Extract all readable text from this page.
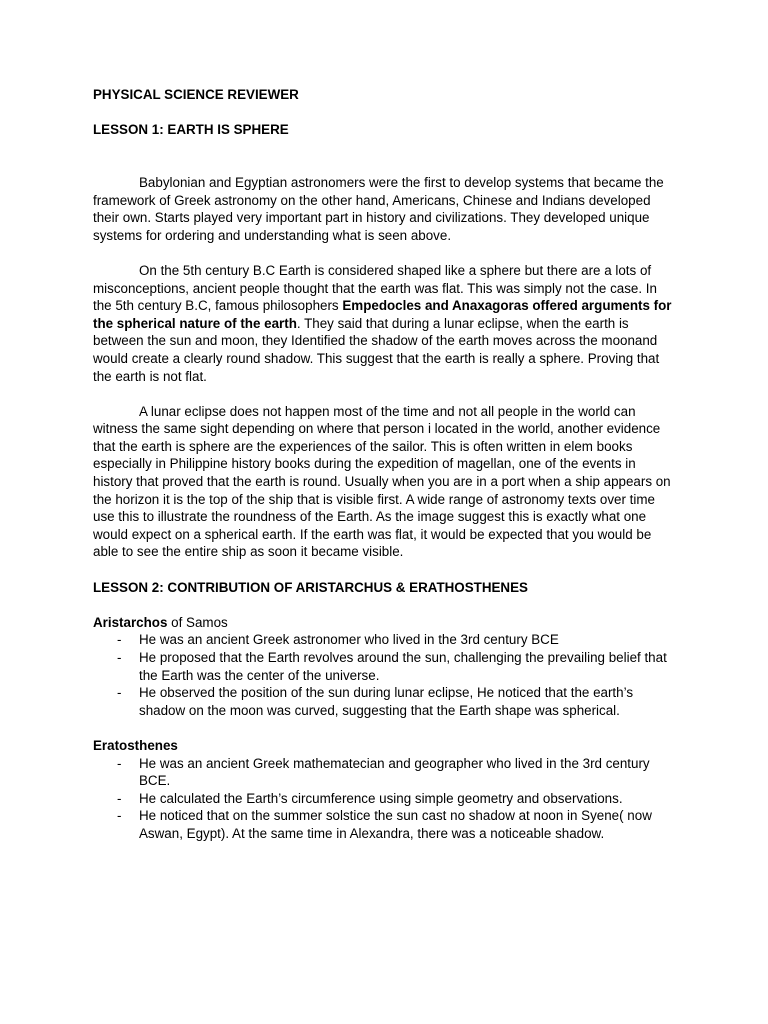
PHYSICAL SCIENCE REVIEWER

LESSON 1: EARTH IS SPHERE

Babylonian and Egyptian astronomers were the first to develop systems that became the framework of Greek astronomy on the other hand, Americans, Chinese and Indians developed their own. Starts played very important part in history and civilizations. They developed unique systems for ordering and understanding what is seen above.

On the 5th century B.C Earth is considered shaped like a sphere but there are a lots of misconceptions, ancient people thought that the earth was flat. This was simply not the case. In the 5th century B.C, famous philosophers Empedocles and Anaxagoras offered arguments for the spherical nature of the earth. They said that during a lunar eclipse, when the earth is between the sun and moon, they Identified the shadow of the earth moves across the moonand would create a clearly round shadow. This suggest that the earth is really a sphere. Proving that the earth is not flat.

A lunar eclipse does not happen most of the time and not all people in the world can witness the same sight depending on where that person i located in the world, another evidence that the earth is sphere are the experiences of the sailor. This is often written in elem books especially in Philippine history books during the expedition of magellan, one of the events in history that proved that the earth is round. Usually when you are in a port when a ship appears on the horizon it is the top of the ship that is visible first. A wide range of astronomy texts over time use this to illustrate the roundness of the Earth. As the image suggest this is exactly what one would expect on a spherical earth. If the earth was flat, it would be expected that you would be able to see the entire ship as soon it became visible.

LESSON 2: CONTRIBUTION OF ARISTARCHUS & ERATHOSTHENES

Aristarchos of Samos

- He was an ancient Greek astronomer who lived in the 3rd century BCE
- He proposed that the Earth revolves around the sun, challenging the prevailing belief that the Earth was the center of the universe.
- He observed the position of the sun during lunar eclipse, He noticed that the earth’s shadow on the moon was curved, suggesting that the Earth shape was spherical.

Eratosthenes

- He was an ancient Greek mathematecian and geographer who lived in the 3rd century BCE.
- He calculated the Earth’s circumference using simple geometry and observations.
- He noticed that on the summer solstice the sun cast no shadow at noon in Syene( now Aswan, Egypt). At the same time in Alexandra, there was a noticeable shadow.
